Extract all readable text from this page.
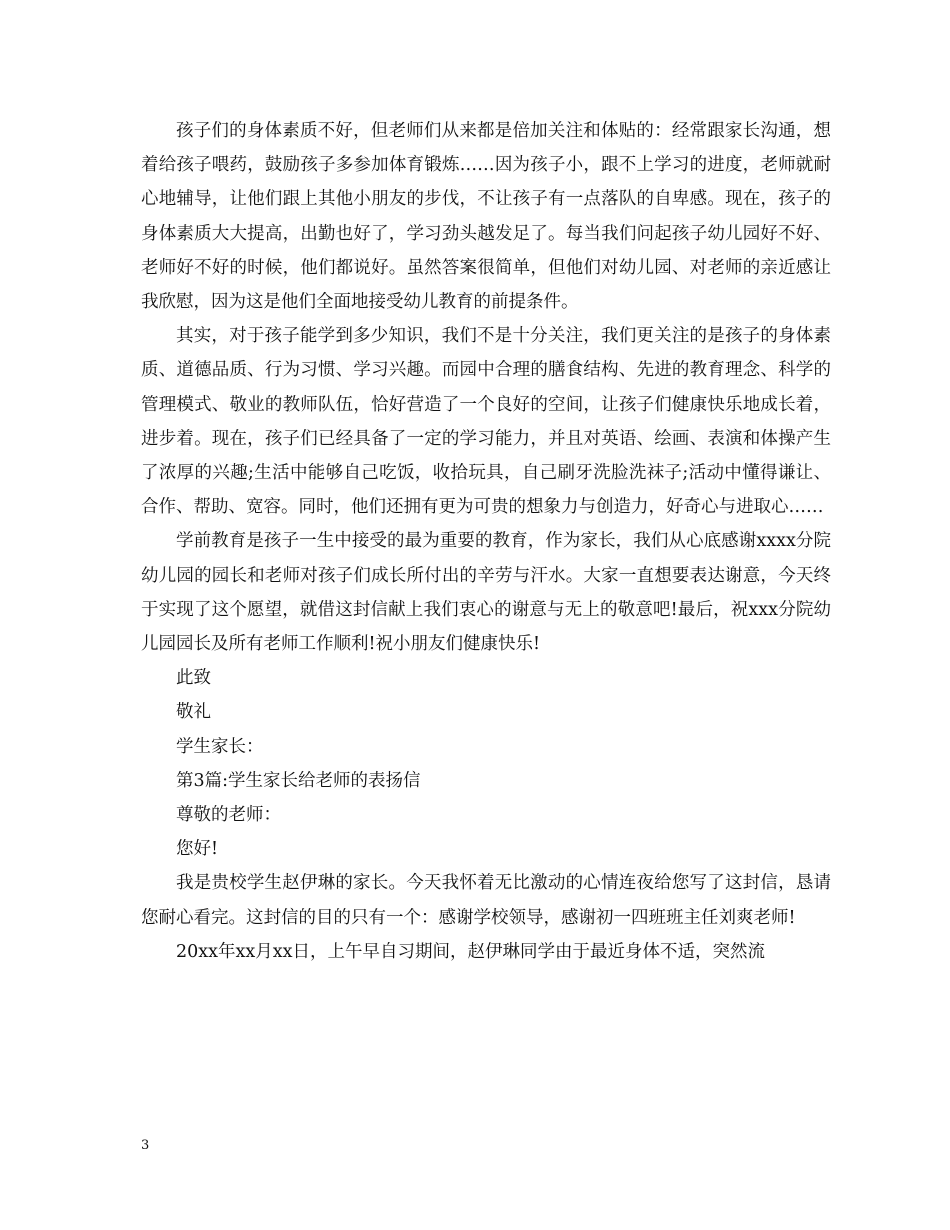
孩子们的身体素质不好，但老师们从来都是倍加关注和体贴的：经常跟家长沟通，想着给孩子喂药，鼓励孩子多参加体育锻炼……因为孩子小，跟不上学习的进度，老师就耐心地辅导，让他们跟上其他小朋友的步伐，不让孩子有一点落队的自卑感。现在，孩子的身体素质大大提高，出勤也好了，学习劲头越发足了。每当我们问起孩子幼儿园好不好、老师好不好的时候，他们都说好。虽然答案很简单，但他们对幼儿园、对老师的亲近感让我欣慰，因为这是他们全面地接受幼儿教育的前提条件。

其实，对于孩子能学到多少知识，我们不是十分关注，我们更关注的是孩子的身体素质、道德品质、行为习惯、学习兴趣。而园中合理的膳食结构、先进的教育理念、科学的管理模式、敬业的教师队伍，恰好营造了一个良好的空间，让孩子们健康快乐地成长着，进步着。现在，孩子们已经具备了一定的学习能力，并且对英语、绘画、表演和体操产生了浓厚的兴趣;生活中能够自己吃饭，收拾玩具，自己刷牙洗脸洗袜子;活动中懂得谦让、合作、帮助、宽容。同时，他们还拥有更为可贵的想象力与创造力，好奇心与进取心……

学前教育是孩子一生中接受的最为重要的教育，作为家长，我们从心底感谢xxxx分院幼儿园的园长和老师对孩子们成长所付出的辛劳与汗水。大家一直想要表达谢意，今天终于实现了这个愿望，就借这封信献上我们衷心的谢意与无上的敬意吧!最后，祝xxx分院幼儿园园长及所有老师工作顺利!祝小朋友们健康快乐!

此致

敬礼

学生家长：

第3篇:学生家长给老师的表扬信

尊敬的老师：

您好!

我是贵校学生赵伊琳的家长。今天我怀着无比激动的心情连夜给您写了这封信，恳请您耐心看完。这封信的目的只有一个：感谢学校领导，感谢初一四班班主任刘爽老师!

20xx年xx月xx日，上午早自习期间，赵伊琳同学由于最近身体不适，突然流

3
